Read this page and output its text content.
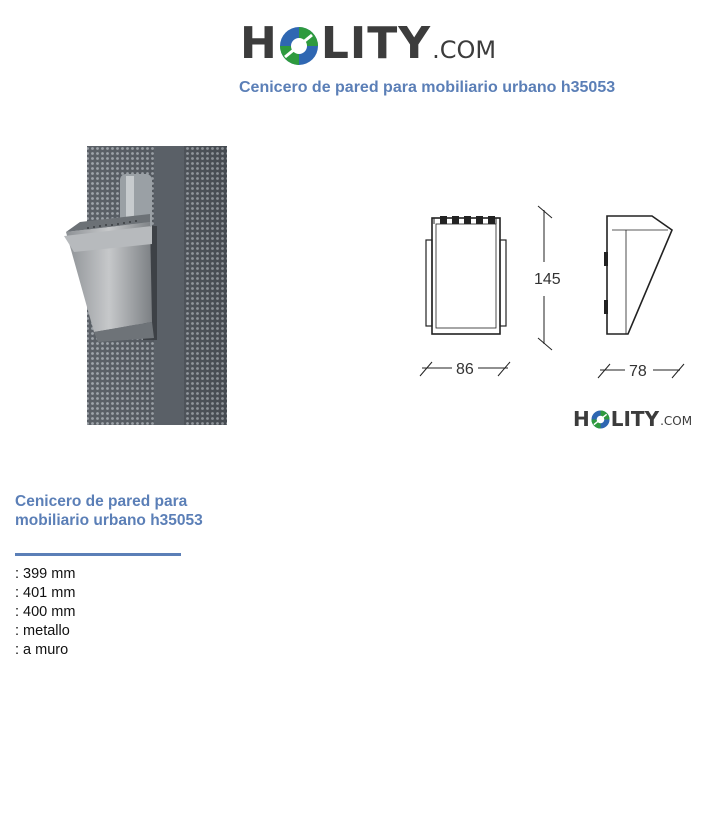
H LITY .COM
Cenicero de pared para mobiliario urbano h35053
145
86	78
H LITY .COM
Cenicero de pared para mobiliario urbano h35053
: 399 mm
: 401 mm
: 400 mm
: metallo
: a muro
